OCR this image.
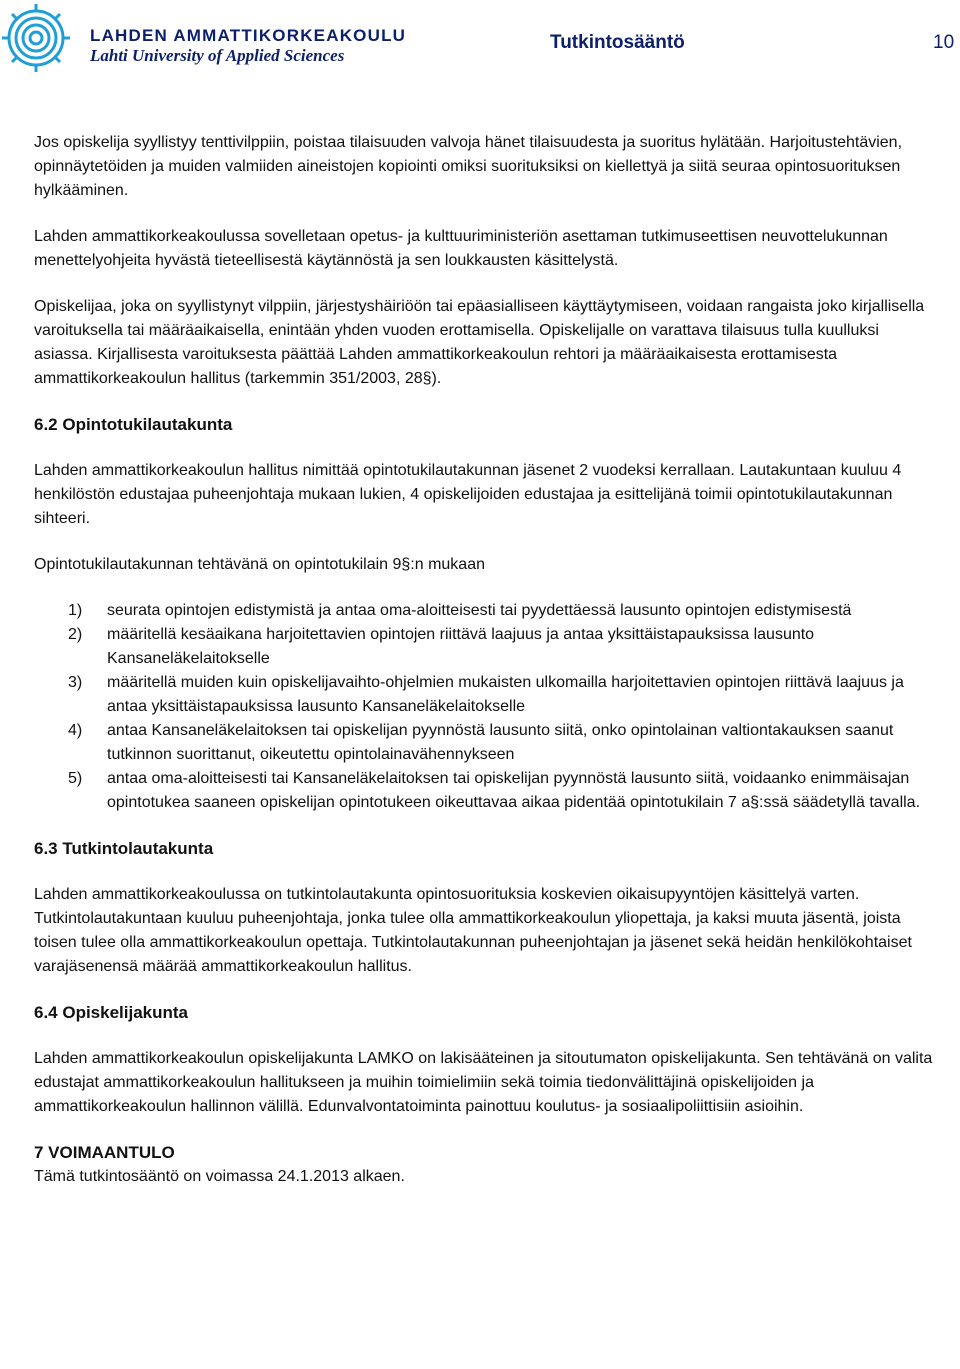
LAHDEN AMMATTIKORKEAKOULU
Lahti University of Applied Sciences
Tutkintosääntö	10

Jos opiskelija syyllistyy tenttivilppiin, poistaa tilaisuuden valvoja hänet tilaisuudesta ja suoritus hylätään. Harjoitustehtävien, opinnäytetöiden ja muiden valmiiden aineistojen kopiointi omiksi suorituksiksi on kiellettyä ja siitä seuraa opintosuorituksen hylkääminen.

Lahden ammattikorkeakoulussa sovelletaan opetus- ja kulttuuriministeriön asettaman tutkimuseettisen neuvottelukunnan menettelyohjeita hyvästä tieteellisestä käytännöstä ja sen loukkausten käsittelystä.

Opiskelijaa, joka on syyllistynyt vilppiin, järjestyshäiriöön tai epäasialliseen käyttäytymiseen, voidaan rangaista joko kirjallisella varoituksella tai määräaikaisella, enintään yhden vuoden erottamisella. Opiskelijalle on varattava tilaisuus tulla kuulluksi asiassa. Kirjallisesta varoituksesta päättää Lahden ammattikorkeakoulun rehtori ja määräaikaisesta erottamisesta ammattikorkeakoulun hallitus (tarkemmin 351/2003, 28§).

6.2 Opintotukilautakunta

Lahden ammattikorkeakoulun hallitus nimittää opintotukilautakunnan jäsenet 2 vuodeksi kerrallaan. Lautakuntaan kuuluu 4 henkilöstön edustajaa puheenjohtaja mukaan lukien, 4 opiskelijoiden edustajaa ja esittelijänä toimii opintotukilautakunnan sihteeri.

Opintotukilautakunnan tehtävänä on opintotukilain 9§:n mukaan

1) seurata opintojen edistymistä ja antaa oma-aloitteisesti tai pyydettäessä lausunto opintojen edistymisestä
2) määritellä kesäaikana harjoitettavien opintojen riittävä laajuus ja antaa yksittäistapauksissa lausunto Kansaneläkelaitokselle
3) määritellä muiden kuin opiskelijavaihto-ohjelmien mukaisten ulkomailla harjoitettavien opintojen riittävä laajuus ja antaa yksittäistapauksissa lausunto Kansaneläkelaitokselle
4) antaa Kansaneläkelaitoksen tai opiskelijan pyynnöstä lausunto siitä, onko opintolainan valtiontakauksen saanut tutkinnon suorittanut, oikeutettu opintolainavähennykseen
5) antaa oma-aloitteisesti tai Kansaneläkelaitoksen tai opiskelijan pyynnöstä lausunto siitä, voidaanko enimmäisajan opintotukea saaneen opiskelijan opintotukeen oikeuttavaa aikaa pidentää opintotukilain 7 a§:ssä säädetyllä tavalla.
6.3 Tutkintolautakunta

Lahden ammattikorkeakoulussa on tutkintolautakunta opintosuorituksia koskevien oikaisupyyntöjen käsittelyä varten. Tutkintolautakuntaan kuuluu puheenjohtaja, jonka tulee olla ammattikorkeakoulun yliopettaja, ja kaksi muuta jäsentä, joista toisen tulee olla ammattikorkeakoulun opettaja. Tutkintolautakunnan puheenjohtajan ja jäsenet sekä heidän henkilökohtaiset varajäsenensä määrää ammattikorkeakoulun hallitus.

6.4 Opiskelijakunta

Lahden ammattikorkeakoulun opiskelijakunta LAMKO on lakisääteinen ja sitoutumaton opiskelijakunta. Sen tehtävänä on valita edustajat ammattikorkeakoulun hallitukseen ja muihin toimielimiin sekä toimia tiedonvälittäjinä opiskelijoiden ja ammattikorkeakoulun hallinnon välillä. Edunvalvontatoimintа painottuu koulutus- ja sosiaalipoliittisiin asioihin.

7 VOIMAANTULO

Tämä tutkintosääntö on voimassa 24.1.2013 alkaen.
